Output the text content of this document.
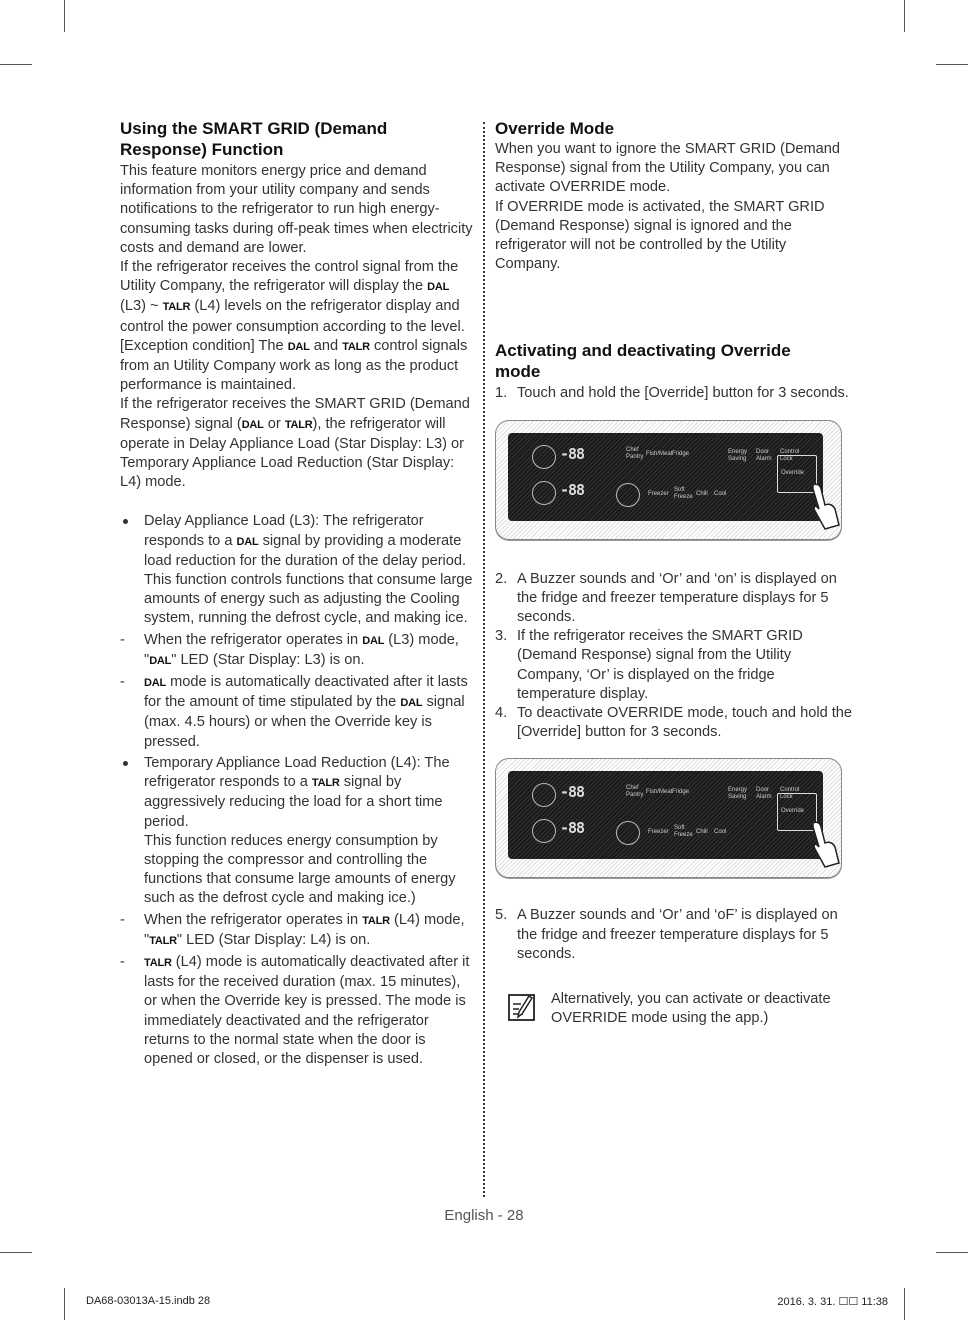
Using the SMART GRID (Demand Response) Function

This feature monitors energy price and demand information from your utility company and sends notifications to the refrigerator to run high energy-consuming tasks during off-peak times when electricity costs and demand are lower.

If the refrigerator receives the control signal from the Utility Company, the refrigerator will display the DAL (L3) ~ TALR (L4) levels on the refrigerator display and control the power consumption according to the level.

[Exception condition] The DAL and TALR control signals from an Utility Company work as long as the product performance is maintained.

If the refrigerator receives the SMART GRID (Demand Response) signal (DAL or TALR), the refrigerator will operate in Delay Appliance Load (Star Display: L3) or Temporary Appliance Load Reduction (Star Display: L4) mode.

Delay Appliance Load (L3): The refrigerator responds to a DAL signal by providing a moderate load reduction for the duration of the delay period.

This function controls functions that consume large amounts of energy such as adjusting the Cooling system, running the defrost cycle, and making ice.

- When the refrigerator operates in DAL (L3) mode, "DAL" LED (Star Display: L3) is on.

- DAL mode is automatically deactivated after it lasts for the amount of time stipulated by the DAL signal (max. 4.5 hours) or when the Override key is pressed.

Temporary Appliance Load Reduction (L4): The refrigerator responds to a TALR signal by aggressively reducing the load for a short time period.

This function reduces energy consumption by stopping the compressor and controlling the functions that consume large amounts of energy such as the defrost cycle and making ice.)

- When the refrigerator operates in TALR (L4) mode, "TALR" LED (Star Display: L4) is on.

- TALR (L4) mode is automatically deactivated after it lasts for the received duration (max. 15 minutes), or when the Override key is pressed. The mode is immediately deactivated and the refrigerator returns to the normal state when the door is opened or closed, or the dispenser is used.

Override Mode

When you want to ignore the SMART GRID (Demand Response) signal from the Utility Company, you can activate OVERRIDE mode.

If OVERRIDE mode is activated, the SMART GRID (Demand Response) signal is ignored and the refrigerator will not be controlled by the Utility Company.

Activating and deactivating Override mode

1. Touch and hold the [Override] button for 3 seconds.

-88
-88
Chef Pantry Fish/Meat Fridge
Freezer
Soft Freeze Chill Cool
Energy Saving
Door Alarm
Control Lock
Override

2. A Buzzer sounds and ‘Or’ and ‘on’ is displayed on the fridge and freezer temperature displays for 5 seconds.

3. If the refrigerator receives the SMART GRID (Demand Response) signal from the Utility Company, ‘Or’ is displayed on the fridge temperature display.

4. To deactivate OVERRIDE mode, touch and hold the [Override] button for 3 seconds.

-88
-88
Chef Pantry Fish/Meat Fridge
Freezer
Soft Freeze Chill Cool
Energy Saving
Door Alarm
Control Lock
Override

5. A Buzzer sounds and ‘Or’ and ‘oF’ is displayed on the fridge and freezer temperature displays for 5 seconds.

Alternatively, you can activate or deactivate OVERRIDE mode using the app.)

English - 28
DA68-03013A-15.indb 28	2016. 3. 31. ☐☐ 11:38
